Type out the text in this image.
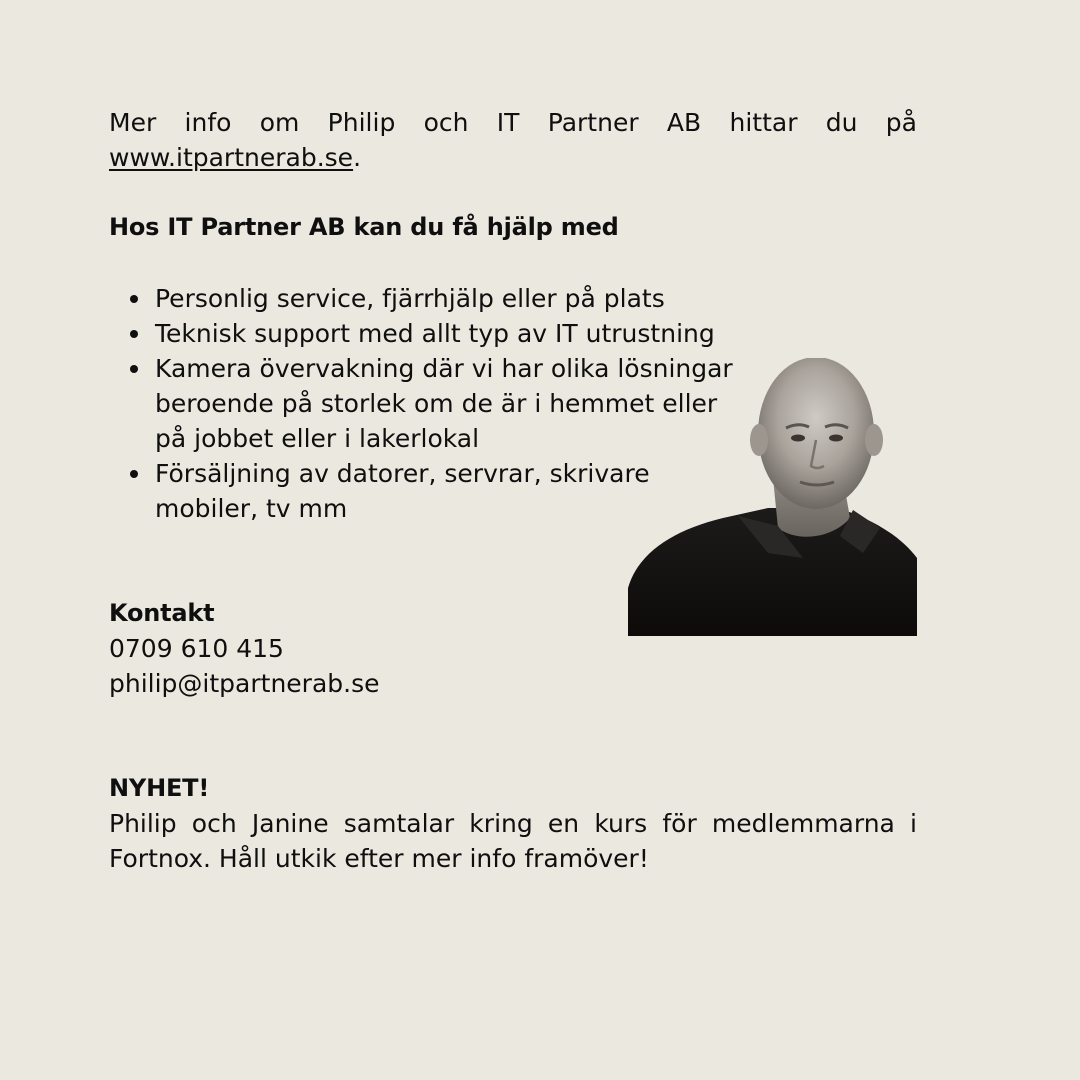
Mer info om Philip och IT Partner AB hittar du på www.itpartnerab.se.

Hos IT Partner AB kan du få hjälp med
Personlig service, fjärrhjälp eller på plats
Teknisk support med allt typ av IT utrustning
Kamera övervakning där vi har olika lösningar beroende på storlek om de är i hemmet eller på jobbet eller i lakerlokal
Försäljning av datorer, servrar, skrivare mobiler, tv mm
Kontakt

0709 610 415

philip@itpartnerab.se

NYHET!

Philip och Janine samtalar kring en kurs för medlemmarna i Fortnox. Håll utkik efter mer info framöver!
